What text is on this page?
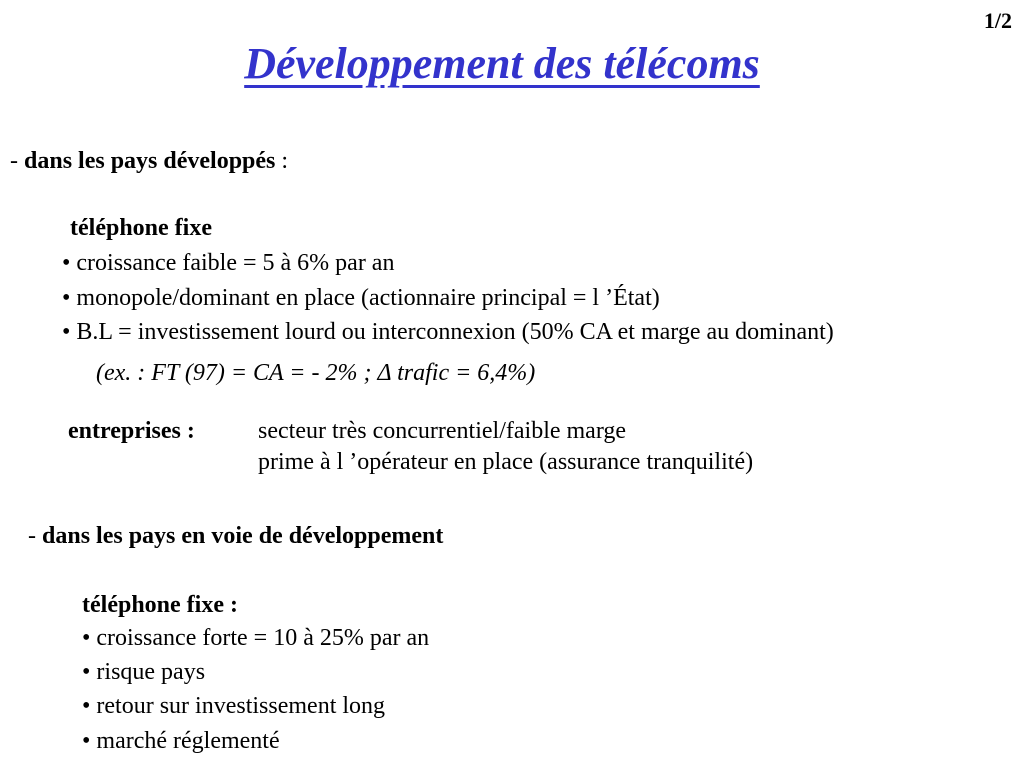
1/2
Développement des télécoms
- dans les pays développés :
téléphone fixe
• croissance faible = 5 à 6% par an
• monopole/dominant en place (actionnaire principal = l ’État)
• B.L = investissement lourd ou interconnexion (50% CA et marge au dominant)
(ex. : FT (97) = CA = - 2% ; Δ trafic = 6,4%)
entreprises :	secteur très concurrentiel/faible marge
prime à l ’opérateur en place (assurance tranquilité)
- dans les pays en voie de développement
téléphone fixe :
• croissance forte = 10 à 25% par an
• risque pays
• retour sur investissement long
• marché réglementé
